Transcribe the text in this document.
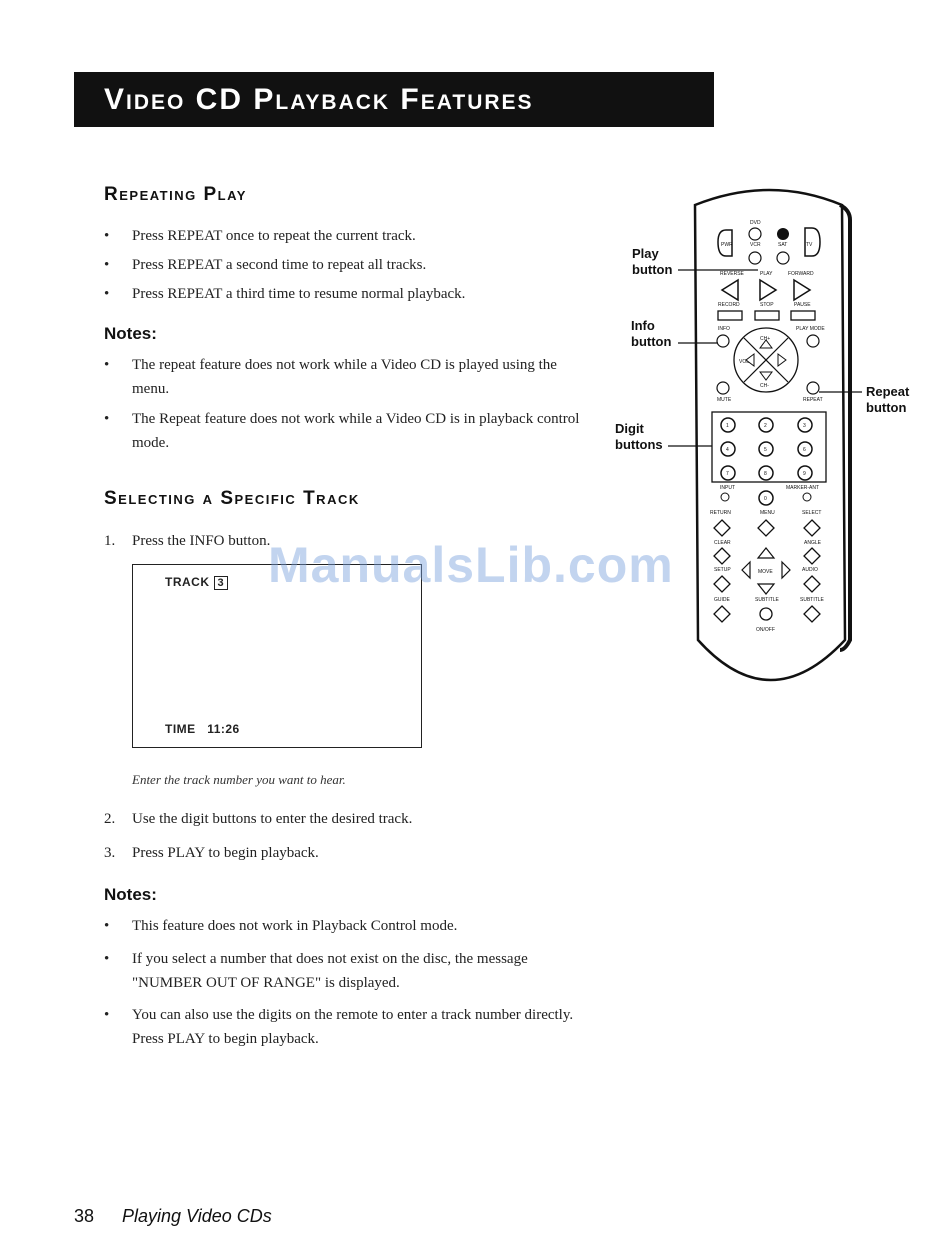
Video CD Playback Features
Repeating Play
• Press REPEAT once to repeat the current track.
• Press REPEAT a second time to repeat all tracks.
• Press REPEAT a third time to resume normal playback.
Notes:
• The repeat feature does not work while a Video CD is played using the menu.
• The Repeat feature does not work while a Video CD is in playback control mode.
Selecting a Specific Track
1. Press the INFO button.
TRACK 3
TIME 11:26
Enter the track number you want to hear.
2. Use the digit buttons to enter the desired track.
3. Press PLAY to begin playback.
Notes:
• This feature does not work in Playback Control mode.
• If you select a number that does not exist on the disc, the message "NUMBER OUT OF RANGE" is displayed.
• You can also use the digits on the remote to enter a track number directly. Press PLAY to begin playback.
Play button
Info button
Digit buttons
Repeat button
DVD
PWR	VCR	SAT	TV
REVERSE	PLAY	FORWARD
RECORD	STOP	PAUSE
INFO	PLAY MODE
CH+
CH-
VOL
MUTE	REPEAT
1	2	3
4	5	6
7	8	9
0
INPUT	MARKER-ANT
RETURN	MENU	SELECT
CLEAR	ANGLE
MOVE
SETUP	AUDIO
GUIDE	SUBTITLE	SUBTITLE
ON/OFF
ManualsLib.com
38 Playing Video CDs
